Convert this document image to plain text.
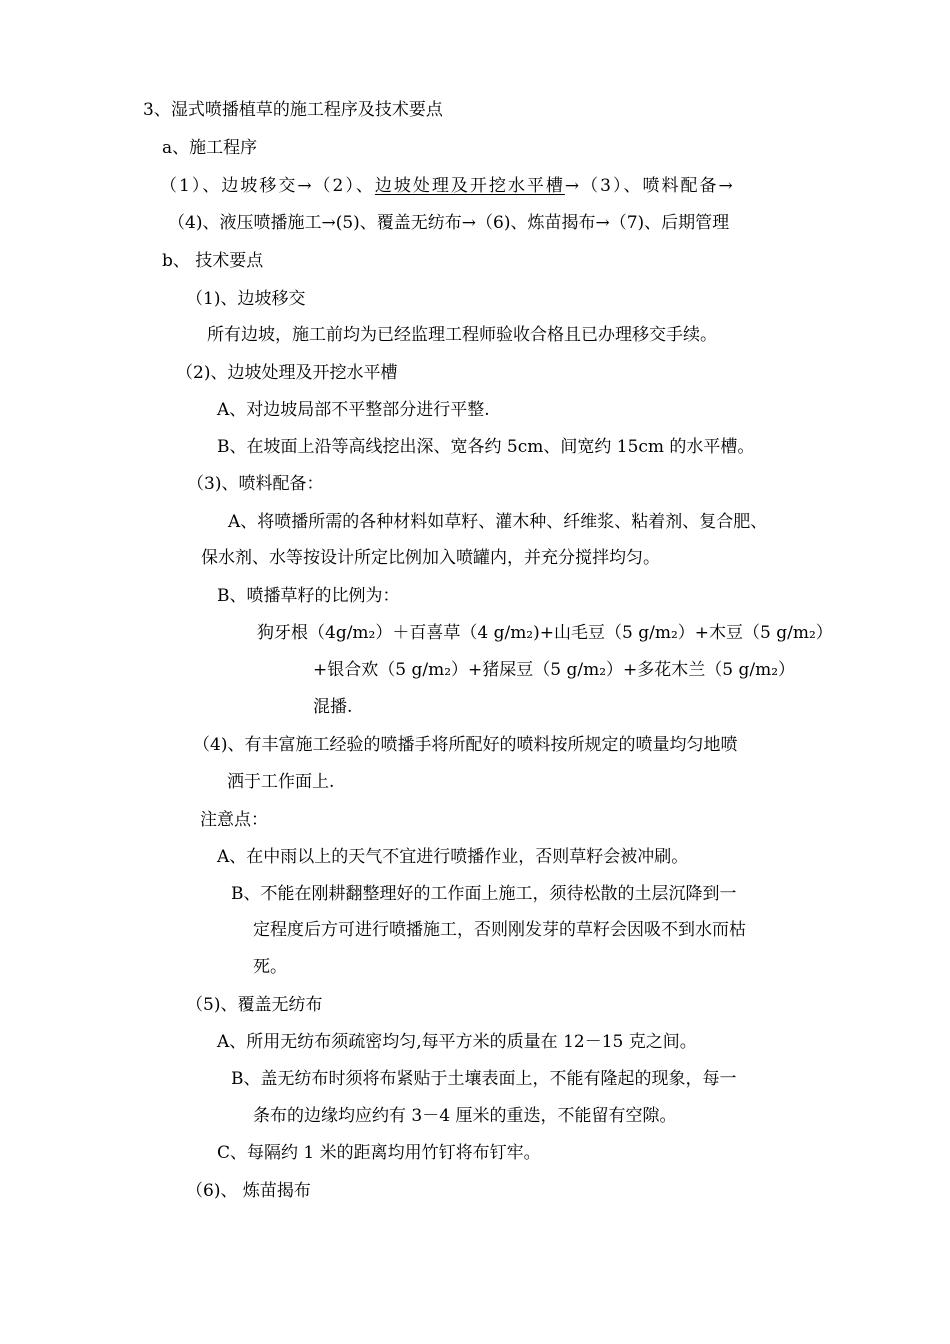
3、湿式喷播植草的施工程序及技术要点
a、施工程序
（1）、边坡移交→（2）、边坡处理及开挖水平槽→（3）、喷料配备→
（4)、液压喷播施工→(5)、覆盖无纺布→（6)、炼苗揭布→（7)、后期管理
b、 技术要点
（1)、边坡移交
所有边坡，施工前均为已经监理工程师验收合格且已办理移交手续。
（2)、边坡处理及开挖水平槽
A、对边坡局部不平整部分进行平整.
B、在坡面上沿等高线挖出深、宽各约 5cm、间宽约 15cm 的水平槽。
（3)、喷料配备：
A、将喷播所需的各种材料如草籽、灌木种、纤维浆、粘着剂、复合肥、
保水剂、水等按设计所定比例加入喷罐内，并充分搅拌均匀。
B、喷播草籽的比例为：
狗牙根（4g/m₂）＋百喜草（4 g/m₂)+山毛豆（5 g/m₂）+木豆（5 g/m₂）
+银合欢（5 g/m₂）+猪屎豆（5 g/m₂）+多花木兰（5 g/m₂）
混播.
（4)、有丰富施工经验的喷播手将所配好的喷料按所规定的喷量均匀地喷
洒于工作面上.
注意点：
A、在中雨以上的天气不宜进行喷播作业，否则草籽会被冲刷。
B、不能在刚耕翻整理好的工作面上施工，须待松散的土层沉降到一
定程度后方可进行喷播施工，否则刚发芽的草籽会因吸不到水而枯
死。
（5)、覆盖无纺布
A、所用无纺布须疏密均匀,每平方米的质量在 12－15 克之间。
B、盖无纺布时须将布紧贴于土壤表面上，不能有隆起的现象，每一
条布的边缘均应约有 3－4 厘米的重迭，不能留有空隙。
C、每隔约 1 米的距离均用竹钉将布钉牢。
（6)、 炼苗揭布
